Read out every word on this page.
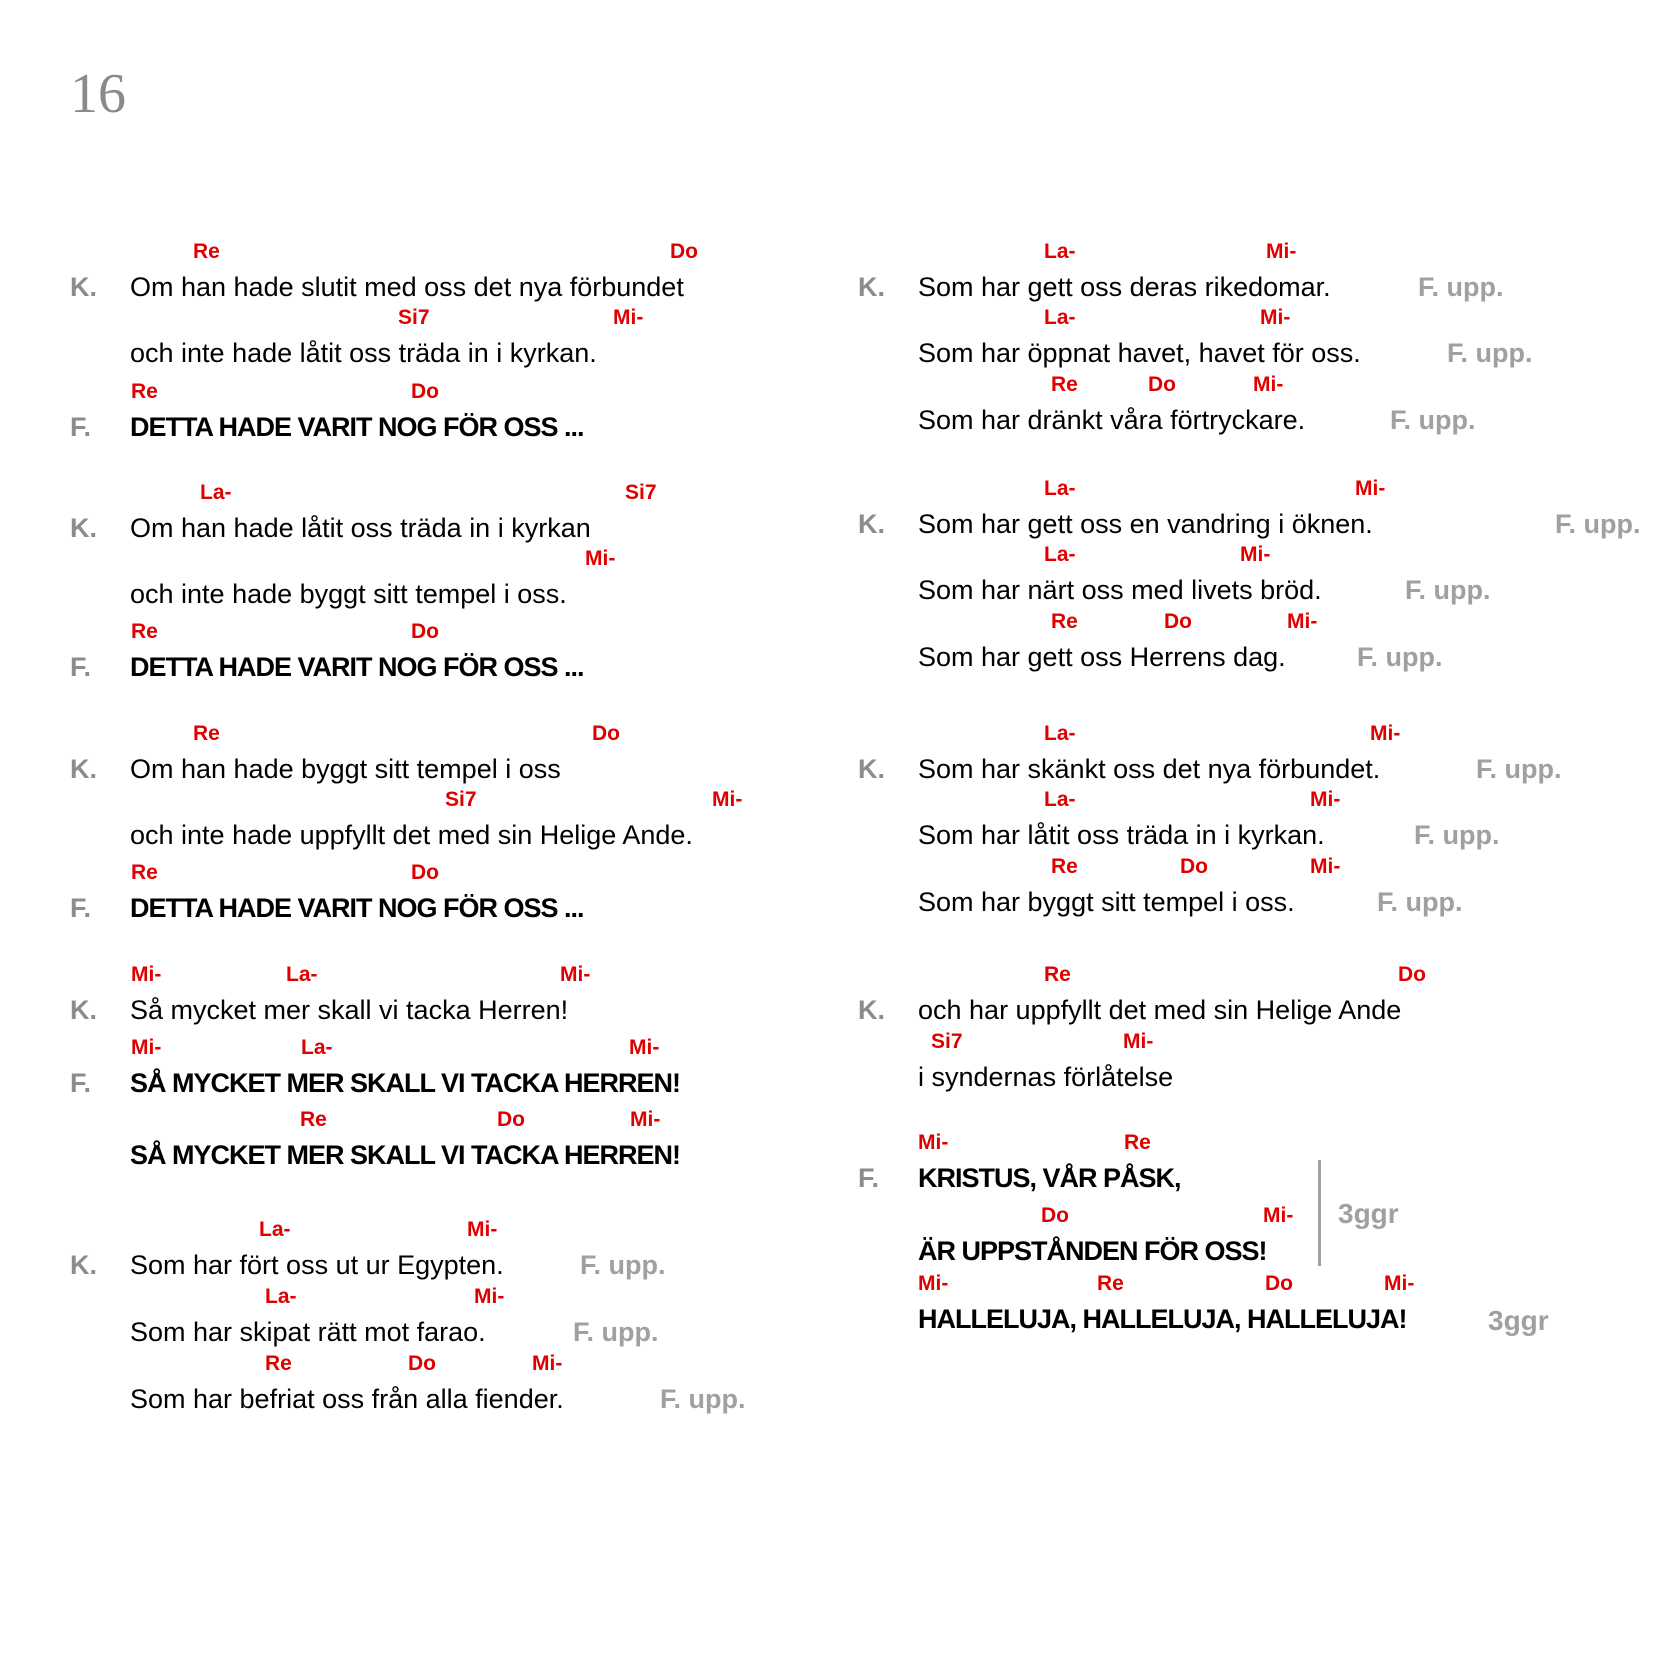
16
K. Om han hade slutit med oss det nya förbundet
Re	Do
och inte hade låtit oss träda in i kyrkan.
Si7	Mi-
F. DETTA HADE VARIT NOG FÖR OSS ...
Re	Do
K. Om han hade låtit oss träda in i kyrkan
La-	Si7
och inte hade byggt sitt tempel i oss.
Mi-
F. DETTA HADE VARIT NOG FÖR OSS ...
Re	Do
K. Om han hade byggt sitt tempel i oss
Re	Do
och inte hade uppfyllt det med sin Helige Ande.
Si7	Mi-
F. DETTA HADE VARIT NOG FÖR OSS ...
Re	Do
K. Så mycket mer skall vi tacka Herren!
Mi-	La-	Mi-
F. SÅ MYCKET MER SKALL VI TACKA HERREN!
Mi-	La-	Mi-
SÅ MYCKET MER SKALL VI TACKA HERREN!
Re	Do	Mi-
K. Som har fört oss ut ur Egypten.
La-	Mi-
F. upp.
Som har skipat rätt mot farao.
La-	Mi-
F. upp.
Som har befriat oss från alla fiender.
Re	Do	Mi-
F. upp.
K. Som har gett oss deras rikedomar.
La-	Mi-
F. upp.
Som har öppnat havet, havet för oss.
La-	Mi-
F. upp.
Som har dränkt våra förtryckare.
Re	Do	Mi-
F. upp.
K. Som har gett oss en vandring i öknen.
La-	Mi-
F. upp.
Som har närt oss med livets bröd.
La-	Mi-
F. upp.
Som har gett oss Herrens dag.
Re	Do	Mi-
F. upp.
K. Som har skänkt oss det nya förbundet.
La-	Mi-
F. upp.
Som har låtit oss träda in i kyrkan.
La-	Mi-
F. upp.
Som har byggt sitt tempel i oss.
Re	Do	Mi-
F. upp.
K. och har uppfyllt det med sin Helige Ande
Re	Do
i syndernas förlåtelse
Si7	Mi-
F. KRISTUS, VÅR PÅSK,
Mi-	Re
ÄR UPPSTÅNDEN FÖR OSS!
Do	Mi-
HALLELUJA, HALLELUJA, HALLELUJA!
Mi-	Re	Do	Mi-
3ggr
3ggr
